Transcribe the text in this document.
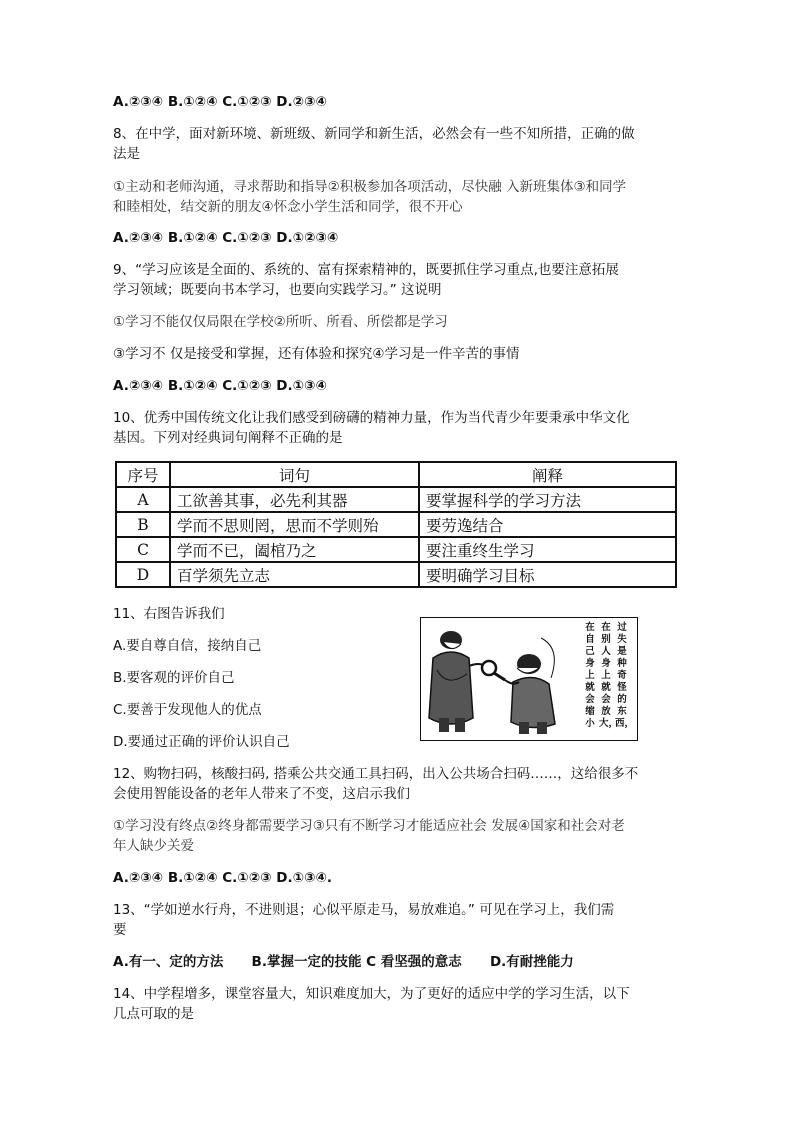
A.②③④ B.①②④ C.①②③ D.②③④
8、在中学，面对新环境、新班级、新同学和新生活，必然会有一些不知所措，正确的做
法是
①主动和老师沟通，寻求帮助和指导②积极参加各项活动，尽快融 入新班集体③和同学
和睦相处，结交新的朋友④怀念小学生活和同学，很不开心
A.②③④ B.①②④ C.①②③ D.①②③④
9、“学习应该是全面的、系统的、富有探索精神的，既要抓住学习重点,也要注意拓展
学习领域；既要向书本学习，也要向实践学习。” 这说明
①学习不能仅仅局限在学校②所听、所看、所偿都是学习
③学习不 仅是接受和掌握，还有体验和探究④学习是一件辛苦的事情
A.②③④ B.①②④ C.①②③ D.①③④
10、优秀中国传统文化让我们感受到磅礴的精神力量，作为当代青少年要秉承中华文化
基因。下列对经典词句阐释不正确的是
序号	词句	阐释
A	工欲善其事，必先利其器	要掌握科学的学习方法
B	学而不思则罔，思而不学则殆	要劳逸结合
C	学而不已，阖棺乃之	要注重终生学习
D	百学须先立志	要明确学习目标
11、右图告诉我们
A.要自尊自信，接纳自己
B.要客观的评价自己
C.要善于发现他人的优点
D.要通过正确的评价认识自己
过失是种奇怪的东西，
在别人身上就会放大，
在自己身上就会缩小
12、购物扫码，核酸扫码, 搭乘公共交通工具扫码，出入公共场合扫码……，这给很多不
会使用智能设备的老年人带来了不变，这启示我们
①学习没有终点②终身都需要学习③只有不断学习才能适应社会 发展④国家和社会对老
年人缺少关爱
A.②③④ B.①②④ C.①②③ D.①③④.
13、“学如逆水行舟，不进则退；心似平原走马，易放难追。” 可见在学习上，我们需
要
A.有一、定的方法      B.掌握一定的技能 C 看坚强的意志      D.有耐挫能力
14、中学程增多，课堂容量大，知识难度加大，为了更好的适应中学的学习生活，以下
几点可取的是
